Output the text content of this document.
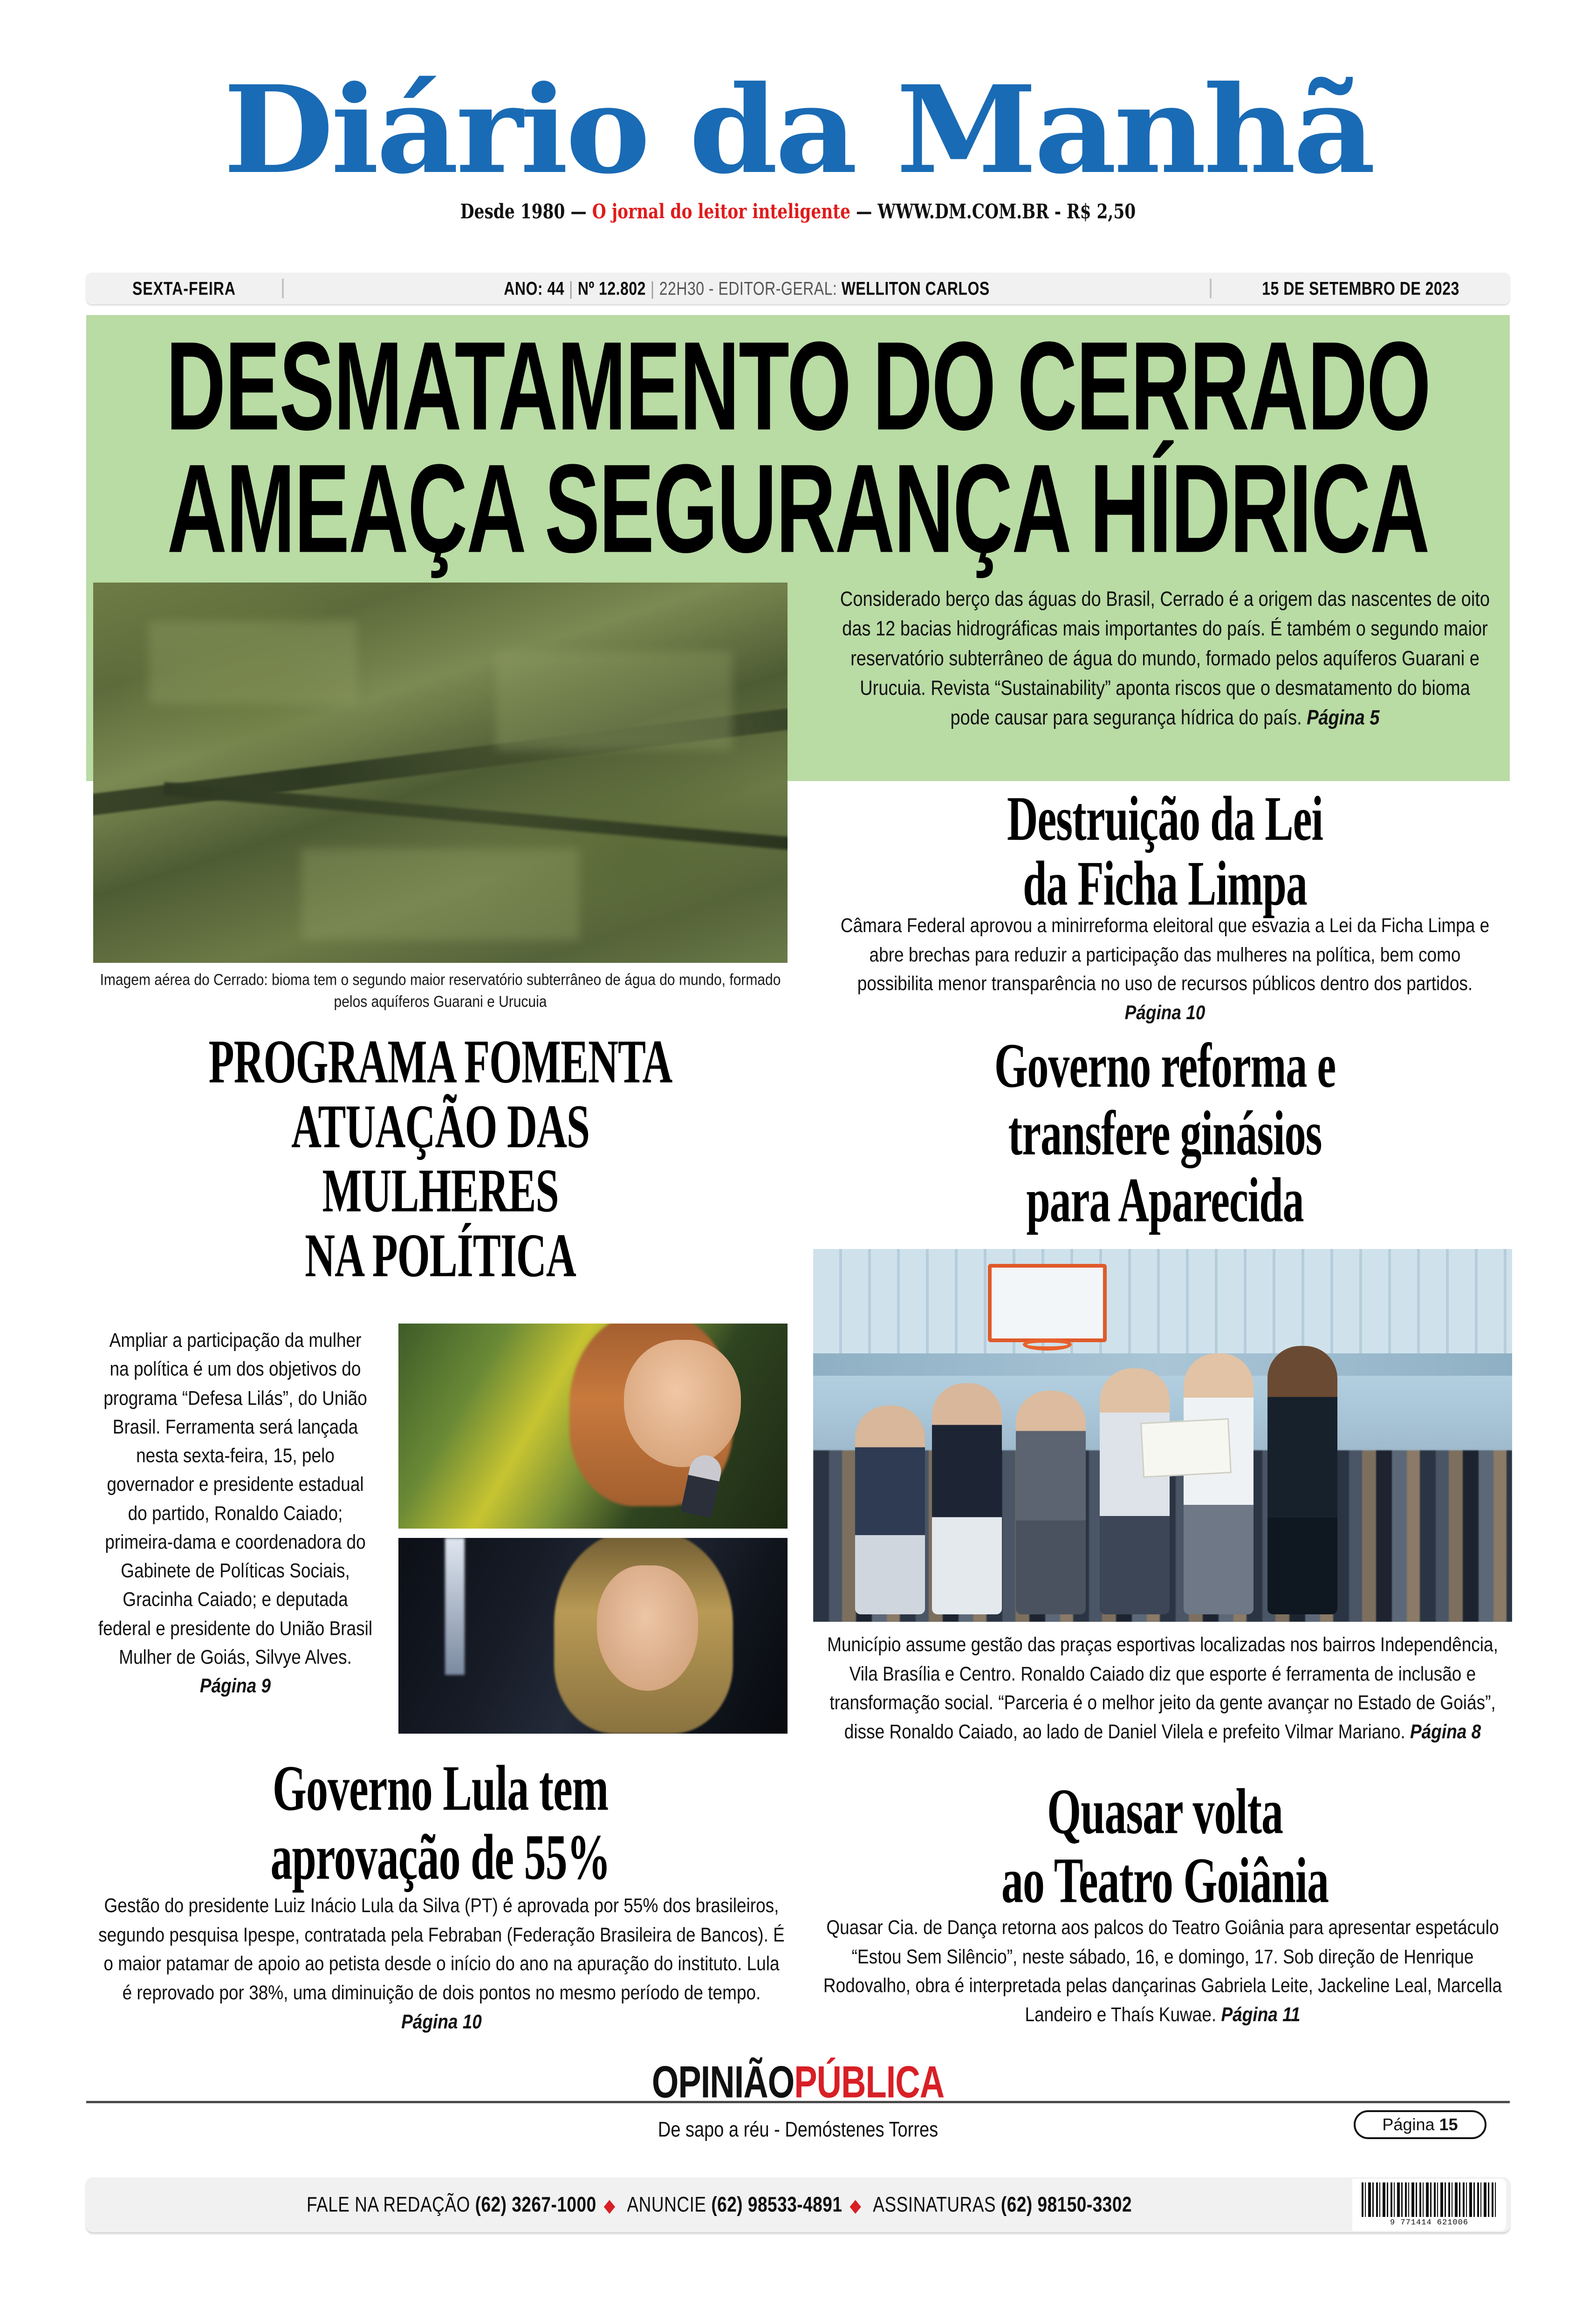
Diário da Manhã
Desde 1980 — O jornal do leitor inteligente — WWW.DM.COM.BR - R$ 2,50
SEXTA-FEIRA	ANO: 44 | Nº 12.802 | 22H30 - EDITOR-GERAL: WELLITON CARLOS	15 DE SETEMBRO DE 2023
DESMATAMENTO DO CERRADO
AMEAÇA SEGURANÇA HÍDRICA
Considerado berço das águas do Brasil, Cerrado é a origem das nascentes de oito das 12 bacias hidrográficas mais importantes do país. É também o segundo maior reservatório subterrâneo de água do mundo, formado pelos aquíferos Guarani e Urucuia. Revista “Sustainability” aponta riscos que o desmatamento do bioma pode causar para segurança hídrica do país. Página 5
Imagem aérea do Cerrado: bioma tem o segundo maior reservatório subterrâneo de água do mundo, formado pelos aquíferos Guarani e Urucuia
Destruição da Lei
da Ficha Limpa
Câmara Federal aprovou a minirreforma eleitoral que esvazia a Lei da Ficha Limpa e abre brechas para reduzir a participação das mulheres na política, bem como possibilita menor transparência no uso de recursos públicos dentro dos partidos. Página 10
PROGRAMA FOMENTA
ATUAÇÃO DAS
MULHERES
NA POLÍTICA
Ampliar a participação da mulher na política é um dos objetivos do programa “Defesa Lilás”, do União Brasil. Ferramenta será lançada nesta sexta-feira, 15, pelo governador e presidente estadual do partido, Ronaldo Caiado; primeira-dama e coordenadora do Gabinete de Políticas Sociais, Gracinha Caiado; e deputada federal e presidente do União Brasil Mulher de Goiás, Silvye Alves. Página 9
Governo reforma e
transfere ginásios
para Aparecida
Município assume gestão das praças esportivas localizadas nos bairros Independência, Vila Brasília e Centro. Ronaldo Caiado diz que esporte é ferramenta de inclusão e transformação social. “Parceria é o melhor jeito da gente avançar no Estado de Goiás”, disse Ronaldo Caiado, ao lado de Daniel Vilela e prefeito Vilmar Mariano. Página 8
Governo Lula tem
aprovação de 55%
Gestão do presidente Luiz Inácio Lula da Silva (PT) é aprovada por 55% dos brasileiros, segundo pesquisa Ipespe, contratada pela Febraban (Federação Brasileira de Bancos). É o maior patamar de apoio ao petista desde o início do ano na apuração do instituto. Lula é reprovado por 38%, uma diminuição de dois pontos no mesmo período de tempo. Página 10
Quasar volta
ao Teatro Goiânia
Quasar Cia. de Dança retorna aos palcos do Teatro Goiânia para apresentar espetáculo “Estou Sem Silêncio”, neste sábado, 16, e domingo, 17. Sob direção de Henrique Rodovalho, obra é interpretada pelas dançarinas Gabriela Leite, Jackeline Leal, Marcella Landeiro e Thaís Kuwae. Página 11
OPINIÃOPÚBLICA
De sapo a réu - Demóstenes Torres	Página 15
FALE NA REDAÇÃO (62) 3267-1000 ◆ ANUNCIE (62) 98533-4891 ◆ ASSINATURAS (62) 98150-3302
9 771414 621006
